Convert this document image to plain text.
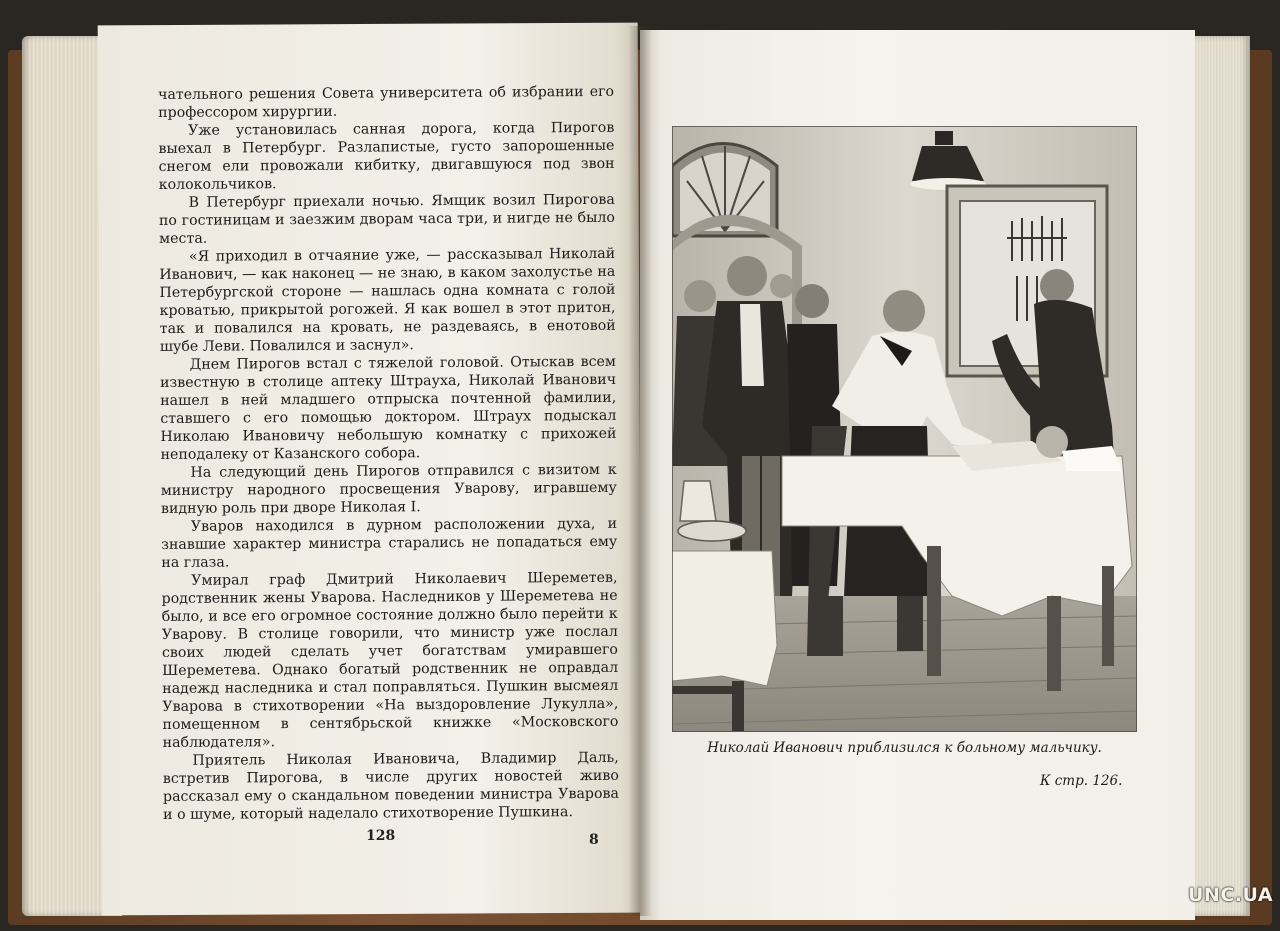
чательного решения Совета университета об избрании его профессором хирургии.

Уже установилась санная дорога, когда Пирогов выехал в Петербург. Разлапистые, густо запорошенные снегом ели провожали кибитку, двигавшуюся под звон колокольчиков.

В Петербург приехали ночью. Ямщик возил Пирогова по гостиницам и заезжим дворам часа три, и нигде не было места.

«Я приходил в отчаяние уже, — рассказывал Николай Иванович, — как наконец — не знаю, в каком захолустье на Петербургской стороне — нашлась одна комната с голой кроватью, прикрытой рогожей. Я как вошел в этот притон, так и повалился на кровать, не раздеваясь, в енотовой шубе Леви. Повалился и заснул».

Днем Пирогов встал с тяжелой головой. Отыскав всем известную в столице аптеку Штрауха, Николай Иванович нашел в ней младшего отпрыска почтенной фамилии, ставшего с его помощью доктором. Штраух подыскал Николаю Ивановичу небольшую комнатку с прихожей неподалеку от Казанского собора.

На следующий день Пирогов отправился с визитом к министру народного просвещения Уварову, игравшему видную роль при дворе Николая I.

Уваров находился в дурном расположении духа, и знавшие характер министра старались не попадаться ему на глаза.

Умирал граф Дмитрий Николаевич Шереметев, родственник жены Уварова. Наследников у Шереметева не было, и все его огромное состояние должно было перейти к Уварову. В столице говорили, что министр уже послал своих людей сделать учет богатствам умиравшего Шереметева. Однако богатый родственник не оправдал надежд наследника и стал поправляться. Пушкин высмеял Уварова в стихотворении «На выздоровление Лукулла», помещенном в сентябрьской книжке «Московского наблюдателя».

Приятель Николая Ивановича, Владимир Даль, встретив Пирогова, в числе других новостей живо рассказал ему о скандальном поведении министра Уварова и о шуме, который наделало стихотворение Пушкина.

128	8
Николай Иванович приблизился к больному мальчику.
К стр. 126.
UNC.UA
